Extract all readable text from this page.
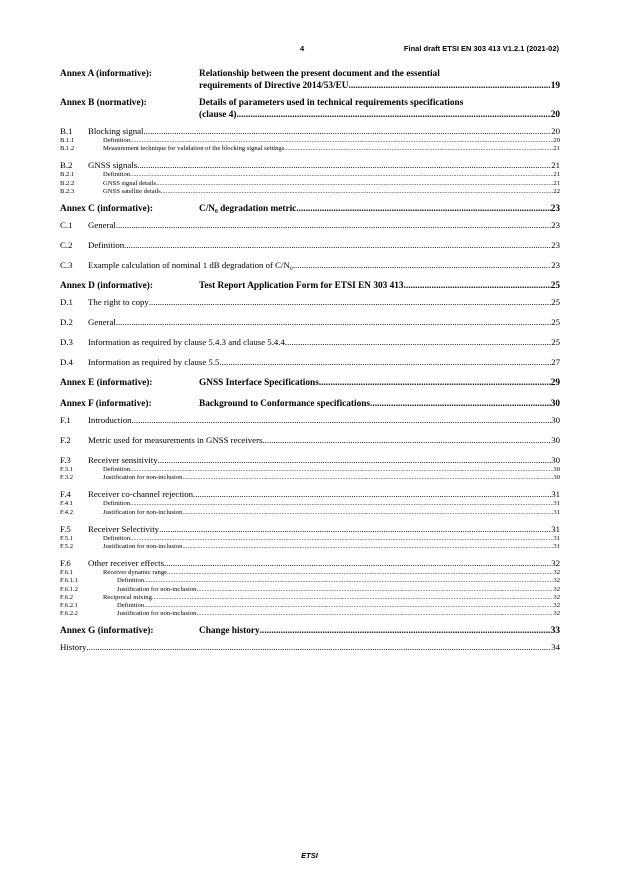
4	Final draft ETSI EN 303 413 V1.2.1 (2021-02)
Annex A (informative):	Relationship between the present document and the essential
requirements of Directive 2014/53/EU .....	19
Annex B (normative):	Details of parameters used in technical requirements specifications
(clause 4) .....	20
B.1	Blocking signal .....	20
B.1.1	Definition .....	20
B.1.2	Measurement technique for validation of the blocking signal settings .....	21
B.2	GNSS signals .....	21
B.2.1	Definition .....	21
B.2.2	GNSS signal details .....	21
B.2.3	GNSS satellite details .....	22
Annex C (informative):	C/N₀ degradation metric .....	23
C.1	General .....	23
C.2	Definition .....	23
C.3	Example calculation of nominal 1 dB degradation of C/N₀ .....	23
Annex D (informative):	Test Report Application Form for ETSI EN 303 413 .....	25
D.1	The right to copy .....	25
D.2	General .....	25
D.3	Information as required by clause 5.4.3 and clause 5.4.4 .....	25
D.4	Information as required by clause 5.5 .....	27
Annex E (informative):	GNSS Interface Specifications .....	29
Annex F (informative):	Background to Conformance specifications .....	30
F.1	Introduction .....	30
F.2	Metric used for measurements in GNSS receivers .....	30
F.3	Receiver sensitivity .....	30
F.3.1	Definition .....	30
F.3.2	Justification for non-inclusion .....	30
F.4	Receiver co-channel rejection .....	31
F.4.1	Definition .....	31
F.4.2	Justification for non-inclusion .....	31
F.5	Receiver Selectivity .....	31
F.5.1	Definition .....	31
F.5.2	Justification for non-inclusion .....	31
F.6	Other receiver effects .....	32
F.6.1	Receiver dynamic range .....	32
F.6.1.1	Definition .....	32
F.6.1.2	Justification for non-inclusion .....	32
F.6.2	Reciprocal mixing .....	32
F.6.2.1	Definition .....	32
F.6.2.2	Justification for non-inclusion .....	32
Annex G (informative):	Change history .....	33
History .....	34
ETSI
